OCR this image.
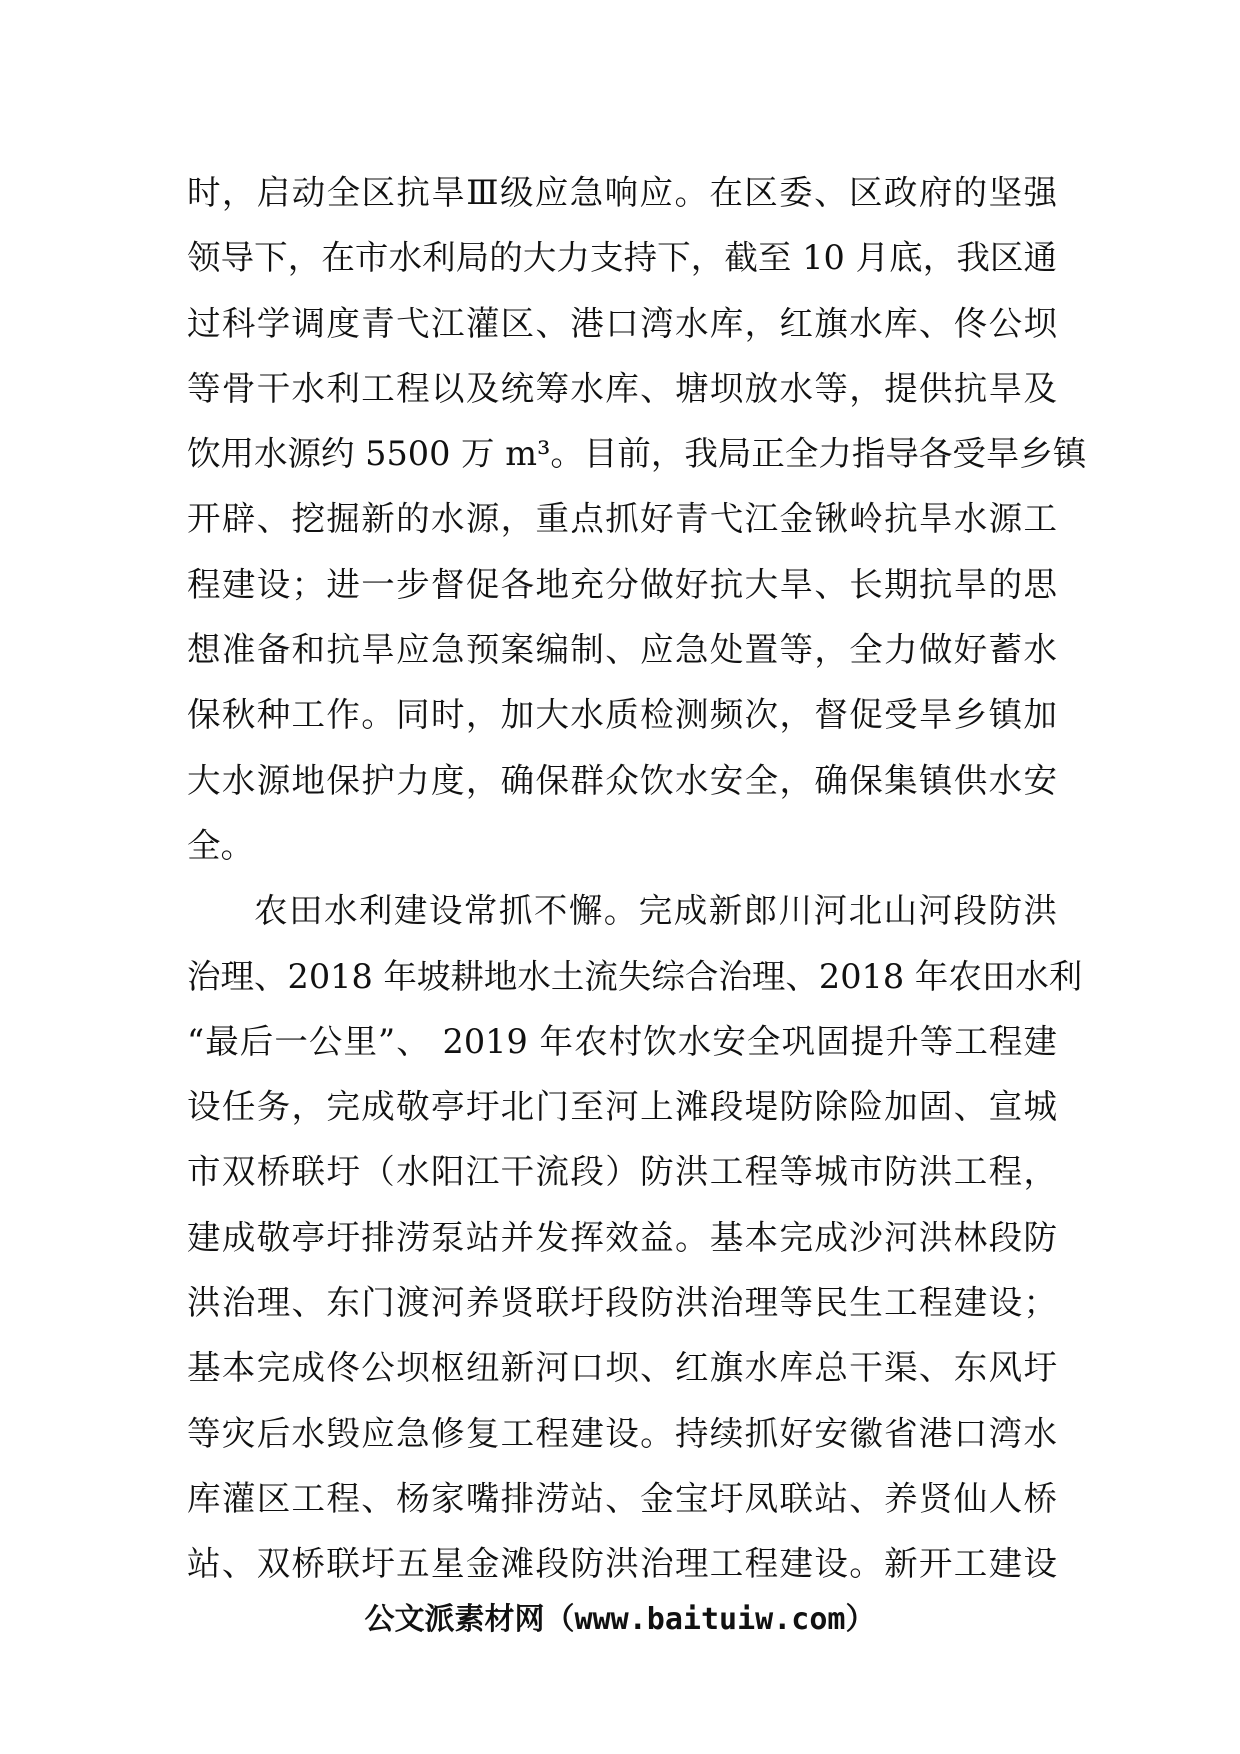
时，启动全区抗旱Ⅲ级应急响应。在区委、区政府的坚强
领导下，在市水利局的大力支持下，截至 10 月底，我区通
过科学调度青弋江灌区、港口湾水库，红旗水库、佟公坝
等骨干水利工程以及统筹水库、塘坝放水等，提供抗旱及
饮用水源约 5500 万 m³。目前，我局正全力指导各受旱乡镇
开辟、挖掘新的水源，重点抓好青弋江金锹岭抗旱水源工
程建设；进一步督促各地充分做好抗大旱、长期抗旱的思
想准备和抗旱应急预案编制、应急处置等，全力做好蓄水
保秋种工作。同时，加大水质检测频次，督促受旱乡镇加
大水源地保护力度，确保群众饮水安全，确保集镇供水安
全。
农田水利建设常抓不懈。完成新郎川河北山河段防洪
治理、2018 年坡耕地水土流失综合治理、2018 年农田水利
“最后一公里”、 2019 年农村饮水安全巩固提升等工程建
设任务，完成敬亭圩北门至河上滩段堤防除险加固、宣城
市双桥联圩（水阳江干流段）防洪工程等城市防洪工程，
建成敬亭圩排涝泵站并发挥效益。基本完成沙河洪林段防
洪治理、东门渡河养贤联圩段防洪治理等民生工程建设；
基本完成佟公坝枢纽新河口坝、红旗水库总干渠、东风圩
等灾后水毁应急修复工程建设。持续抓好安徽省港口湾水
库灌区工程、杨家嘴排涝站、金宝圩凤联站、养贤仙人桥
站、双桥联圩五星金滩段防洪治理工程建设。新开工建设
公文派素材网（www.baituiw.com）
